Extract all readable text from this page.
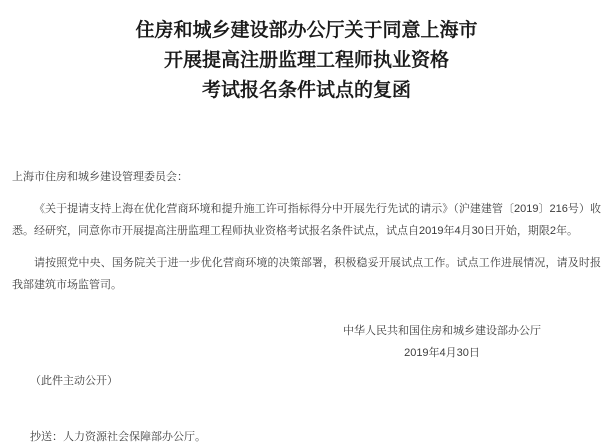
住房和城乡建设部办公厅关于同意上海市
开展提高注册监理工程师执业资格
考试报名条件试点的复函

上海市住房和城乡建设管理委员会：

《关于提请支持上海在优化营商环境和提升施工许可指标得分中开展先行先试的请示》（沪建建管〔2019〕216号）收悉。经研究，同意你市开展提高注册监理工程师执业资格考试报名条件试点，试点自2019年4月30日开始，期限2年。

请按照党中央、国务院关于进一步优化营商环境的决策部署，积极稳妥开展试点工作。试点工作进展情况，请及时报我部建筑市场监管司。

中华人民共和国住房和城乡建设部办公厅
2019年4月30日

（此件主动公开）

抄送：人力资源社会保障部办公厅。
